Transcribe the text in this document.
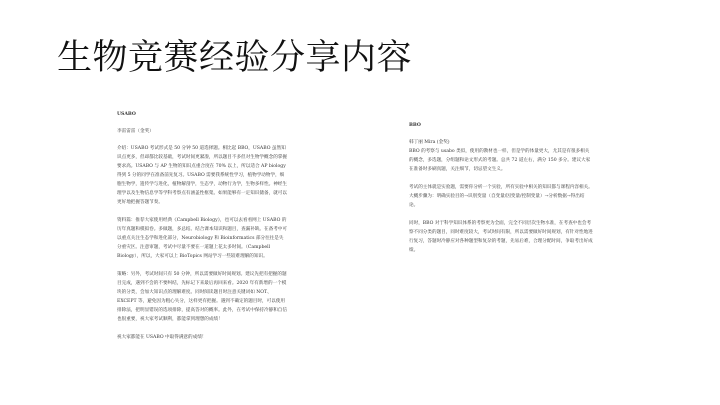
生物竞赛经验分享内容

USABO

李雷雷雷（金奖）

介绍：USABO 考试形式是 50 分钟 50 道选择题。相比起 BBO，USABO 虽然知识点更多，但却都比较基础，考试时间更紧凑，所以题目不多但对生物学概念的掌握要求高。USABO 与 AP 生物的知识点重合度在 70% 以上，所以适合 AP biology 得到 5 分的同学在准备前先复习。USABO 需要我系统性学习，植物学动物学，细胞生物学，遗传学与进化，植物解剖学，生态学，动物行为学，生物多样性。神经生理学以及生物信息学等学科考察点有涵盖性框架。如果能够有一定知识储备，就可以更好地把握答题节奏。

资料篇：推荐大家使用经典《Campbell Biology》，也可以去看看网上 USABO 的历年真题和模拟卷。多做题，多总结。结合课本知识和题目，查漏补缺。在备考中可以重点关注生态学和进化部分，Neurobiology 和 Bioinformatics 部分往往是失分重灾区。注意审题，考试中尽量不要在一道题上花太多时间。（Campbell Biology），所以，大家可以上 BioTopics 网站学习一些较难理解的知识。

策略：另外，考试时间只有 50 分钟，所以需要做好时间规划。建议先把有把握的题目完成，遇到不会的不要纠结，先标记下来最后再回来看。2020 年有新增的一个模块的分类，会加大知识点的理解难度。同时阅读题目时注意关键词如 NOT、EXCEPT 等，避免因为粗心失分，这样更有把握。遇到不确定的题目时，可以使用排除法，把明显错误的选项排除，提高答对的概率。此外，在考试中保持冷静和自信也很重要，祝大家考试顺利，都能拿到理想的成绩！

祝大家都能在 USABO 中取得满意的成绩！

BBO

韩丁丽 Mira (金奖)

BBO 的考察与 usabo 类似，使用的教材也一样，但是学的体量更大，尤其是有很多相关的概念，多选题，分组题和论文形式的考题。总共 72 道左右，满分 150 多分。建议大家在准备时多刷真题，关注细节，切忌望文生义。

考试的主体就是实验题，需要你分析一个实验，所有实验中相关的知识都与课程内容相关。大概步骤为：明确实验目的→识别变量（自变量/因变量/控制变量）→分析数据→得出结论。

同时，BBO 对于科学知识体系的考察更为全面，完全不同层次生物水准，在考查中也会考察不同分类的题目，同时难度较大，考试时间有限，所以需要做好时间规划，有针对性地进行复习，答题时冷静应对各种题型和复杂的考题，先易后难，合理分配时间，争取考出好成绩。
